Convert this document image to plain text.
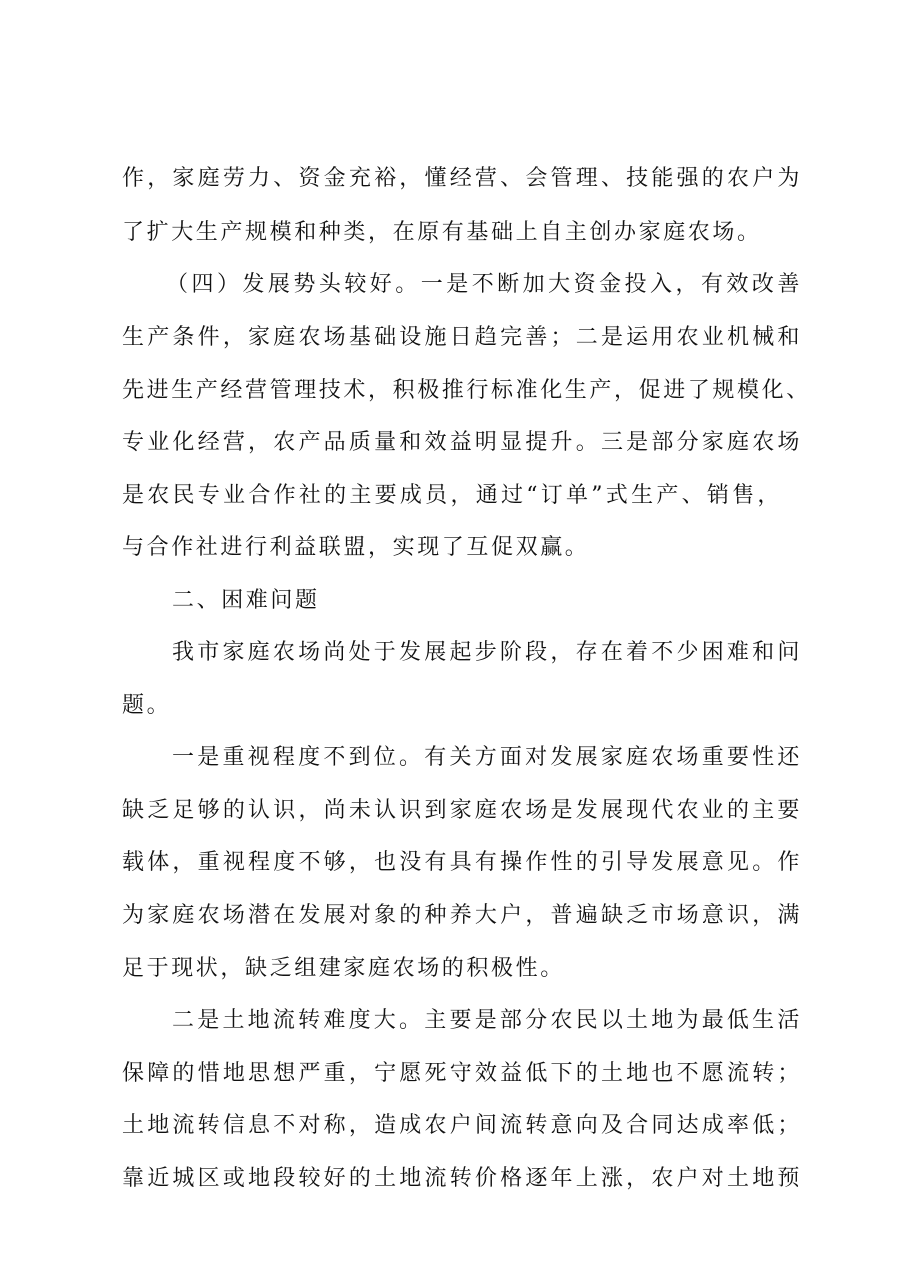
作，家庭劳力、资金充裕，懂经营、会管理、技能强的农户为
了扩大生产规模和种类，在原有基础上自主创办家庭农场。
（四）发展势头较好。一是不断加大资金投入，有效改善
生产条件，家庭农场基础设施日趋完善；二是运用农业机械和
先进生产经营管理技术，积极推行标准化生产，促进了规模化、
专业化经营，农产品质量和效益明显提升。三是部分家庭农场
是农民专业合作社的主要成员，通过“订单”式生产、销售，
与合作社进行利益联盟，实现了互促双赢。
二、困难问题
我市家庭农场尚处于发展起步阶段，存在着不少困难和问
题。
一是重视程度不到位。有关方面对发展家庭农场重要性还
缺乏足够的认识，尚未认识到家庭农场是发展现代农业的主要
载体，重视程度不够，也没有具有操作性的引导发展意见。作
为家庭农场潜在发展对象的种养大户，普遍缺乏市场意识，满
足于现状，缺乏组建家庭农场的积极性。
二是土地流转难度大。主要是部分农民以土地为最低生活
保障的惜地思想严重，宁愿死守效益低下的土地也不愿流转；
土地流转信息不对称，造成农户间流转意向及合同达成率低；
靠近城区或地段较好的土地流转价格逐年上涨，农户对土地预
